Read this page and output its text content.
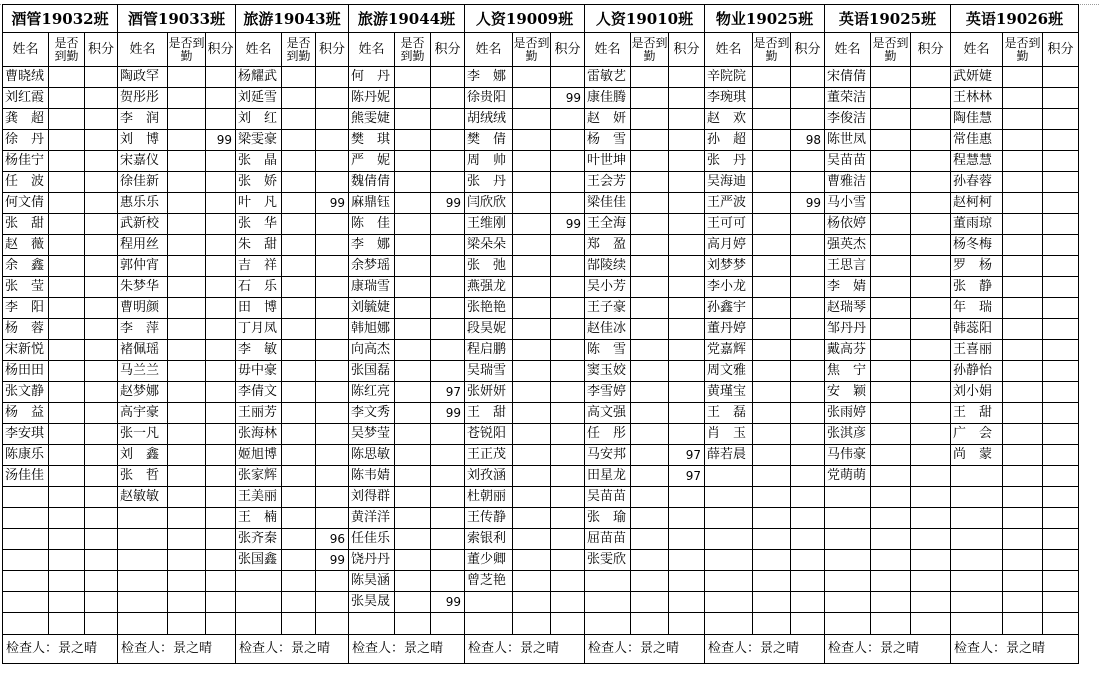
酒管19032班			酒管19033班			旅游19043班			旅游19044班			人资19009班			人资19010班			物业19025班			英语19025班			英语19026班		
姓名	是否到勤	积分	姓名	是否到勤	积分	姓名	是否到勤	积分	姓名	是否到勤	积分	姓名	是否到勤	积分	姓名	是否到勤	积分	姓名	是否到勤	积分	姓名	是否到勤	积分	姓名	是否到勤	积分
曹晓绒			陶政罕			杨耀武			何　丹			李　娜			雷敏艺			辛院院			宋倩倩			武妍婕		
刘红霞			贺彤彤			刘延雪			陈丹妮			徐贵阳		99	康佳腾			李琬琪			董荣洁			王林林		
龚　超			李　润			刘　红			熊雯婕			胡绒绒			赵　妍			赵　欢			李俊洁			陶佳慧		
徐　丹			刘　博		99	梁雯豪			樊　琪			樊　倩			杨　雪			孙　超		98	陈世凤			常佳惠		
杨佳宁			宋嘉仪			张　晶			严　妮			周　帅			叶世坤			张　丹			吴苗苗			程慧慧		
任　波			徐佳新			张　娇			魏倩倩			张　丹			王会芳			吴海迪			曹雅洁			孙春蓉		
何文倩			惠乐乐			叶　凡		99	麻鼎钰		99	闫欣欣			梁佳佳			王严波		99	马小雪			赵柯柯		
张　甜			武新校			张　华			陈　佳			王维刚		99	王全海			王可可			杨依婷			董雨琼		
赵　薇			程用丝			朱　甜			李　娜			梁朵朵			郑　盈			高月婷			强英杰			杨冬梅		
余　鑫			郭仲宵			吉　祥			余梦瑶			张　弛			郜陵续			刘梦梦			王思言			罗　杨		
张　莹			朱梦华			石　乐			康瑞雪			燕强龙			吴小芳			李小龙			李　婧			张　静		
李　阳			曹明颜			田　博			刘毓婕			张艳艳			王子豪			孙鑫宇			赵瑞琴			年　瑞		
杨　蓉			李　萍			丁月凤			韩旭娜			段昊妮			赵佳冰			董丹婷			邹丹丹			韩蕊阳		
宋新悦			褚佩瑶			李　敏			向高杰			程启鹏			陈　雪			党嘉辉			戴高芬			王喜丽		
杨田田			马兰兰			毋中豪			张国磊			吴瑞雪			窦玉姣			周文雅			焦　宁			孙静怡		
张文静			赵梦娜			李倩文			陈红亮		97	张妍妍			李雪婷			黄瑾宝			安　颖			刘小娟		
杨　益			高宇豪			王丽芳			李文秀		99	王　甜			高文强			王　磊			张雨婷			王　甜		
李安琪			张一凡			张海林			吴梦莹			苍锐阳			任　彤			肖　玉			张淇彦			广　会		
陈康乐			刘　鑫			姬旭博			陈思敏			王正茂			马安邦		97	薛若晨			马伟豪			尚　蒙		
汤佳佳			张　哲			张家辉			陈韦婧			刘孜涵			田星龙		97				党萌萌					
			赵敏敏			王美丽			刘得群			杜朝丽			吴苗苗											
						王　楠			黄洋洋			王传静			张　瑜											
						张齐秦		96	任佳乐			索银利			屈苗苗											
						张国鑫		99	饶丹丹			董少卿			张雯欣											
									陈昊涵			曾芝艳														
									张昊晟		99															

检查人：景之晴			检查人：景之晴			检查人：景之晴			检查人：景之晴			检查人：景之晴			检查人：景之晴			检查人：景之晴			检查人：景之晴			检查人：景之晴		
